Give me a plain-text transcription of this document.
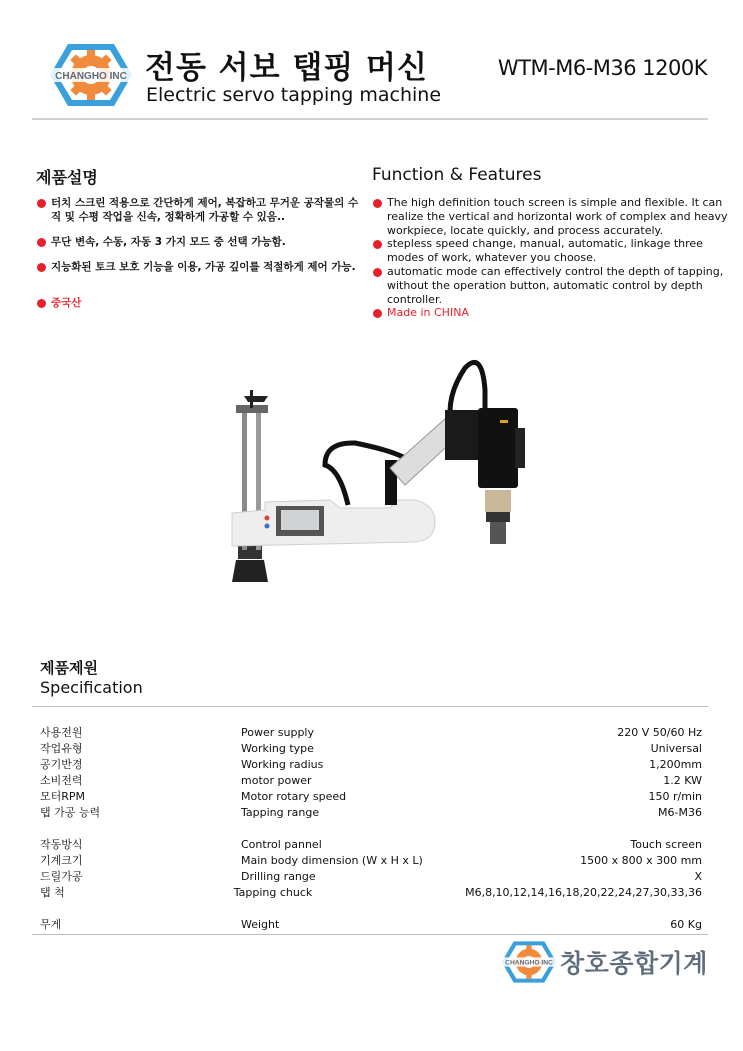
CHANGHO INC 전동 서보 탭핑 머신
Electric servo tapping machine
WTM-M6-M36 1200K
제품설명
터치 스크린 적용으로 간단하게 제어, 복잡하고 무거운 공작물의 수직 및 수평 작업을 신속, 정확하게 가공할 수 있음..
무단 변속, 수동, 자동 3 가지 모드 중 선택 가능함.
지능화된 토크 보호 기능을 이용, 가공 깊이를 적절하게 제어 가능.
중국산
Function & Features
The high definition touch screen is simple and flexible. It can realize the vertical and horizontal work of complex and heavy workpiece, locate quickly, and process accurately.
stepless speed change, manual, automatic, linkage three modes of work, whatever you choose.
automatic mode can effectively control the depth of tapping, without the operation button, automatic control by depth controller.
Made in CHINA
제품제원
Specification
사용전원	Power supply	220 V 50/60 Hz
작업유형	Working type	Universal
공기반경	Working radius	1,200mm
소비전력	motor power	1.2 KW
모터RPM	Motor rotary speed	150 r/min
탭 가공 능력	Tapping range	M6-M36
작동방식	Control pannel	Touch screen
기계크기	Main body dimension (W x H x L)	1500 x 800 x 300 mm
드릴가공	Drilling range	X
탭 척	Tapping chuck	M6,8,10,12,14,16,18,20,22,24,27,30,33,36
무게	Weight	60 Kg
CHANGHO INC 창호종합기계
